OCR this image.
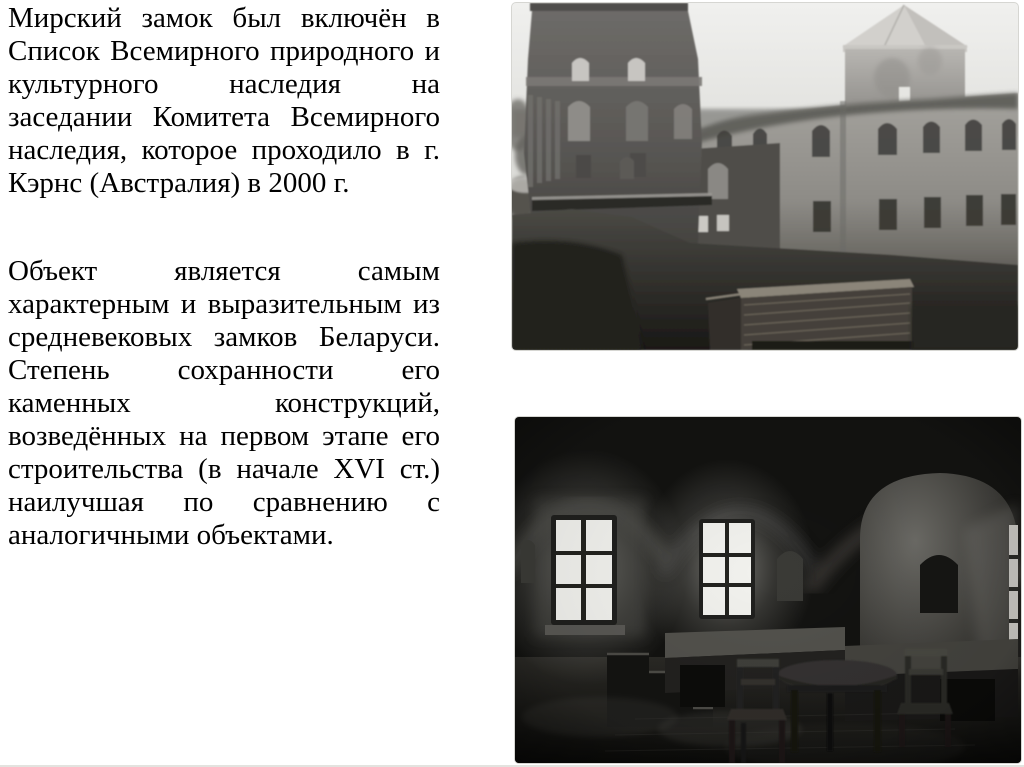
Мирский замок был включён в Список Всемирного природного и культурного наследия на заседании Комитета Всемирного наследия, которое проходило в г. Кэрнс (Австралия) в 2000 г.

Объект является самым характерным и выразительным из средневековых замков Беларуси. Степень сохранности его каменных конструкций, возведённых на первом этапе его строительства (в начале XVI ст.) наилучшая по сравнению с аналогичными объектами.
